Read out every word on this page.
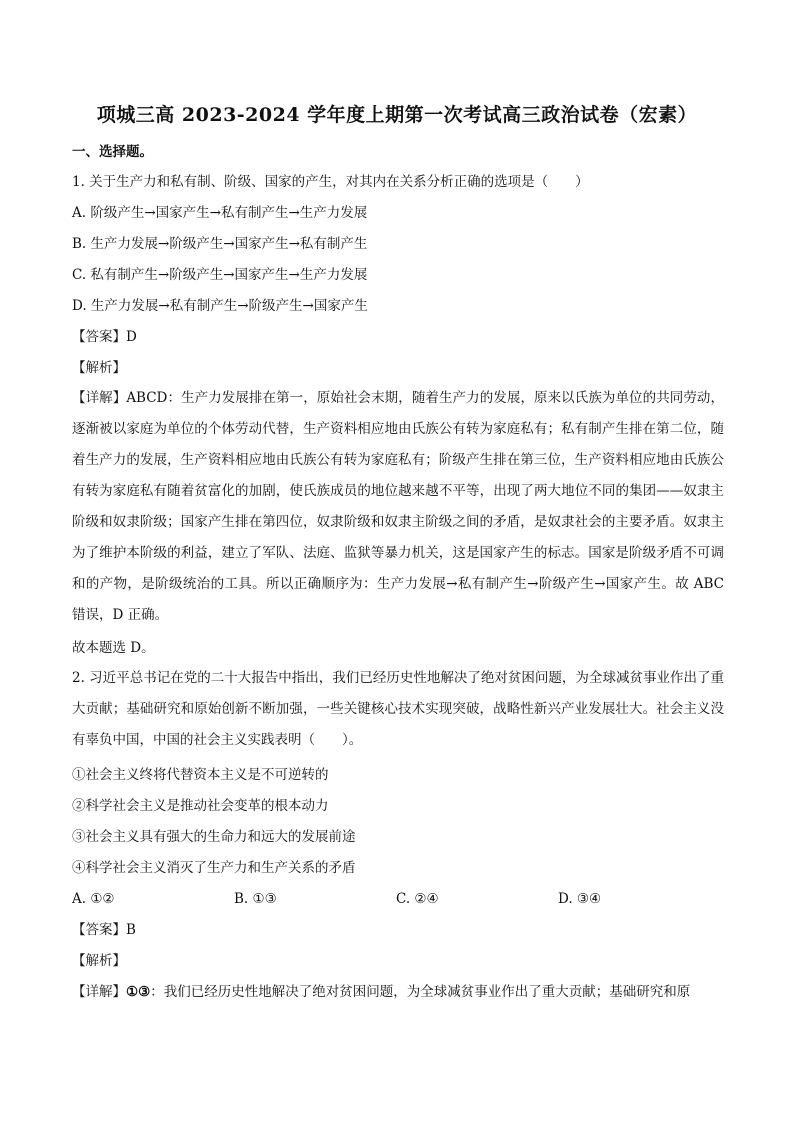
项城三高 2023-2024 学年度上期第一次考试高三政治试卷（宏素）
一、选择题。
1. 关于生产力和私有制、阶级、国家的产生，对其内在关系分析正确的选项是（　　）
A. 阶级产生→国家产生→私有制产生→生产力发展
B. 生产力发展→阶级产生→国家产生→私有制产生
C. 私有制产生→阶级产生→国家产生→生产力发展
D. 生产力发展→私有制产生→阶级产生→国家产生
【答案】D
【解析】
【详解】ABCD：生产力发展排在第一，原始社会末期，随着生产力的发展，原来以氏族为单位的共同劳动，逐渐被以家庭为单位的个体劳动代替，生产资料相应地由氏族公有转为家庭私有；私有制产生排在第二位，随着生产力的发展，生产资料相应地由氏族公有转为家庭私有；阶级产生排在第三位，生产资料相应地由氏族公有转为家庭私有随着贫富化的加剧，使氏族成员的地位越来越不平等，出现了两大地位不同的集团——奴隶主阶级和奴隶阶级；国家产生排在第四位，奴隶阶级和奴隶主阶级之间的矛盾，是奴隶社会的主要矛盾。奴隶主为了维护本阶级的利益，建立了军队、法庭、监狱等暴力机关，这是国家产生的标志。国家是阶级矛盾不可调和的产物，是阶级统治的工具。所以正确顺序为：生产力发展→私有制产生→阶级产生→国家产生。故 ABC 错误，D 正确。
故本题选 D。
2. 习近平总书记在党的二十大报告中指出，我们已经历史性地解决了绝对贫困问题，为全球减贫事业作出了重大贡献；基础研究和原始创新不断加强，一些关键核心技术实现突破，战略性新兴产业发展壮大。社会主义没有辜负中国，中国的社会主义实践表明（　　）。
①社会主义终将代替资本主义是不可逆转的
②科学社会主义是推动社会变革的根本动力
③社会主义具有强大的生命力和远大的发展前途
④科学社会主义消灭了生产力和生产关系的矛盾
A. ①②	B. ①③	C. ②④	D. ③④
【答案】B
【解析】
【详解】①③：我们已经历史性地解决了绝对贫困问题，为全球减贫事业作出了重大贡献；基础研究和原
